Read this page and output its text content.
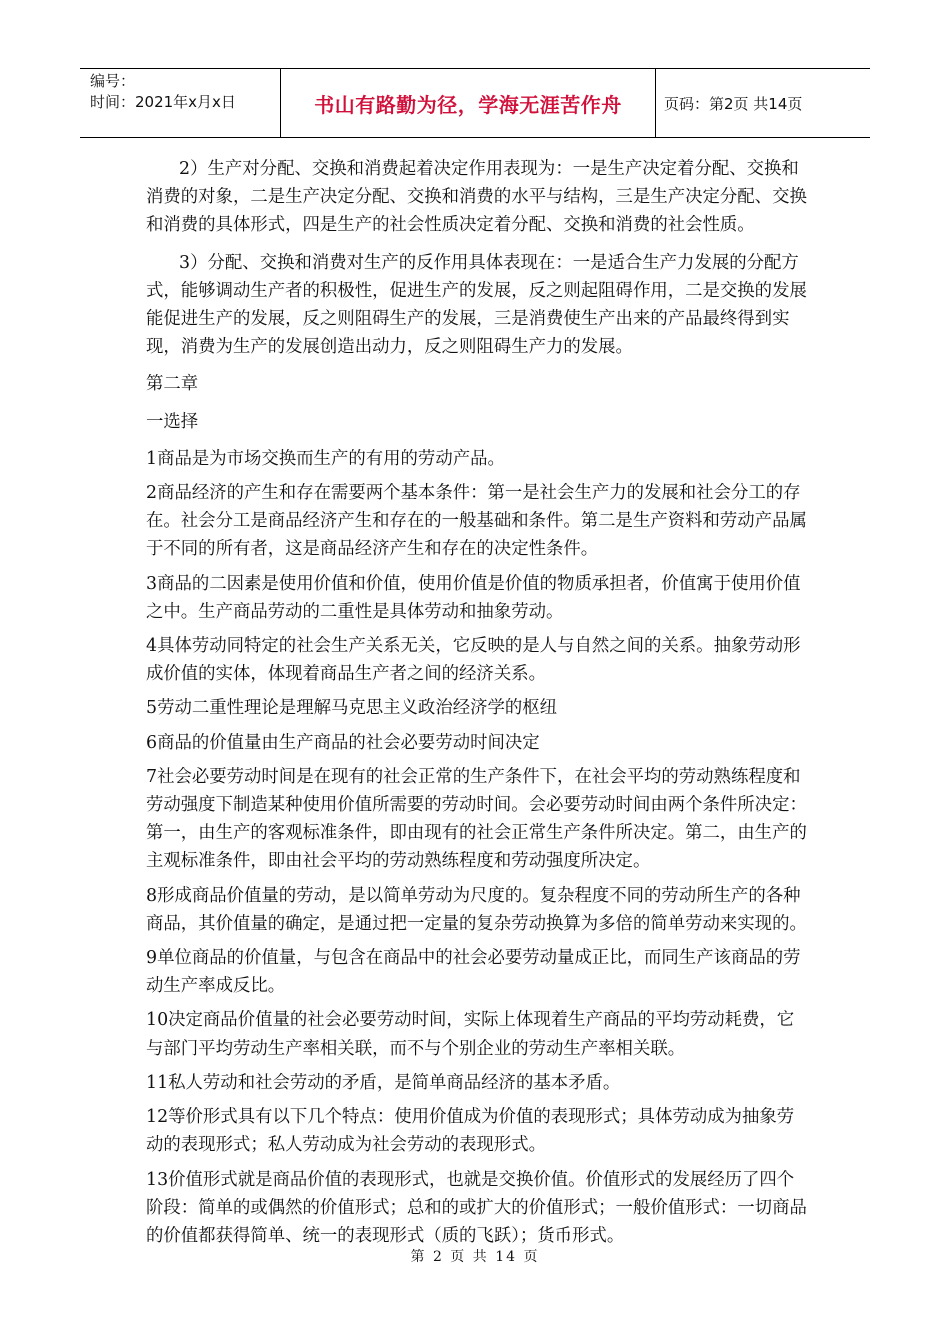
编号：
时间：2021年x月x日	书山有路勤为径，学海无涯苦作舟	页码：第2页 共14页

2）生产对分配、交换和消费起着决定作用表现为：一是生产决定着分配、交换和消费的对象，二是生产决定分配、交换和消费的水平与结构，三是生产决定分配、交换和消费的具体形式，四是生产的社会性质决定着分配、交换和消费的社会性质。

3）分配、交换和消费对生产的反作用具体表现在：一是适合生产力发展的分配方式，能够调动生产者的积极性，促进生产的发展，反之则起阻碍作用，二是交换的发展能促进生产的发展，反之则阻碍生产的发展，三是消费使生产出来的产品最终得到实现，消费为生产的发展创造出动力，反之则阻碍生产力的发展。

第二章

一选择

1商品是为市场交换而生产的有用的劳动产品。

2商品经济的产生和存在需要两个基本条件：第一是社会生产力的发展和社会分工的存在。社会分工是商品经济产生和存在的一般基础和条件。第二是生产资料和劳动产品属于不同的所有者，这是商品经济产生和存在的决定性条件。

3商品的二因素是使用价值和价值，使用价值是价值的物质承担者，价值寓于使用价值之中。生产商品劳动的二重性是具体劳动和抽象劳动。

4具体劳动同特定的社会生产关系无关，它反映的是人与自然之间的关系。抽象劳动形成价值的实体，体现着商品生产者之间的经济关系。

5劳动二重性理论是理解马克思主义政治经济学的枢纽

6商品的价值量由生产商品的社会必要劳动时间决定

7社会必要劳动时间是在现有的社会正常的生产条件下，在社会平均的劳动熟练程度和劳动强度下制造某种使用价值所需要的劳动时间。会必要劳动时间由两个条件所决定：第一，由生产的客观标准条件，即由现有的社会正常生产条件所决定。第二，由生产的主观标准条件，即由社会平均的劳动熟练程度和劳动强度所决定。

8形成商品价值量的劳动，是以简单劳动为尺度的。复杂程度不同的劳动所生产的各种商品，其价值量的确定，是通过把一定量的复杂劳动换算为多倍的简单劳动来实现的。

9单位商品的价值量，与包含在商品中的社会必要劳动量成正比，而同生产该商品的劳动生产率成反比。

10决定商品价值量的社会必要劳动时间，实际上体现着生产商品的平均劳动耗费，它与部门平均劳动生产率相关联，而不与个别企业的劳动生产率相关联。

11私人劳动和社会劳动的矛盾，是简单商品经济的基本矛盾。

12等价形式具有以下几个特点：使用价值成为价值的表现形式；具体劳动成为抽象劳动的表现形式；私人劳动成为社会劳动的表现形式。

13价值形式就是商品价值的表现形式，也就是交换价值。价值形式的发展经历了四个阶段：简单的或偶然的价值形式；总和的或扩大的价值形式；一般价值形式：一切商品的价值都获得简单、统一的表现形式（质的飞跃）；货币形式。

第 2 页 共 14 页
